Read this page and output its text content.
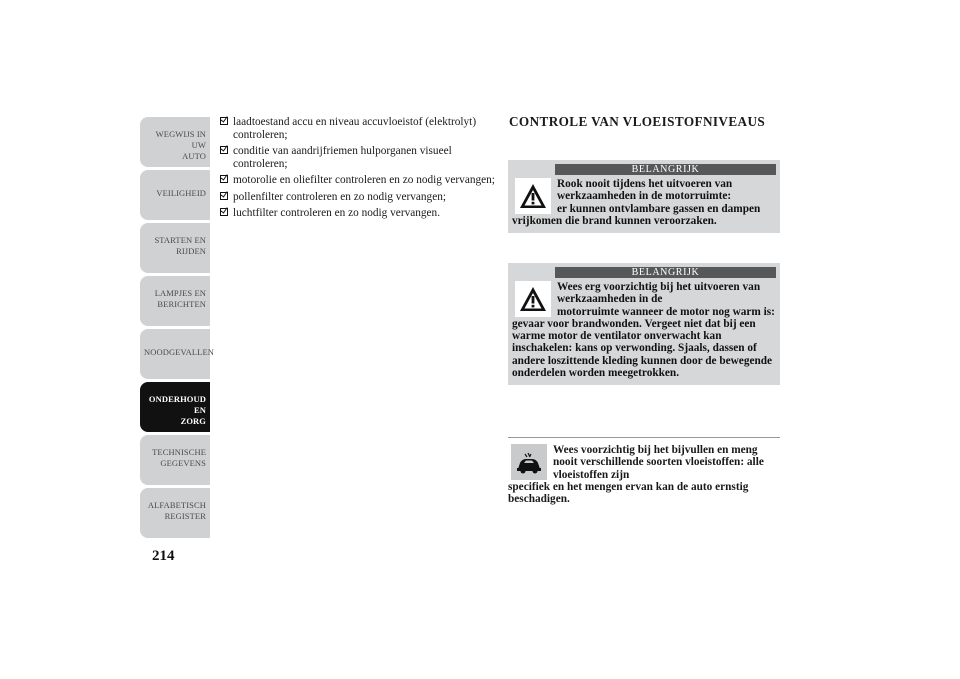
WEGWIJS IN UW
AUTO
VEILIGHEID
STARTEN EN
RIJDEN
LAMPJES EN
BERICHTEN
NOODGEVALLEN
ONDERHOUD EN
ZORG
TECHNISCHE
GEGEVENS
ALFABETISCH
REGISTER
214
laadtoestand accu en niveau accuvloeistof (elektrolyt) controleren;
conditie van aandrijfriemen hulporganen visueel controleren;
motorolie en oliefilter controleren en zo nodig vervangen;
pollenfilter controleren en zo nodig vervangen;
luchtfilter controleren en zo nodig vervangen.
CONTROLE VAN VLOEISTOFNIVEAUS
BELANGRIJK
Rook nooit tijdens het uitvoeren van werkzaamheden in de motorruimte:
er kunnen ontvlambare gassen en dampen vrijkomen die brand kunnen veroorzaken.
BELANGRIJK
Wees erg voorzichtig bij het uitvoeren van werkzaamheden in de
motorruimte wanneer de motor nog warm is: gevaar voor brandwonden. Vergeet niet dat bij een warme motor de ventilator onverwacht kan inschakelen: kans op verwonding. Sjaals, dassen of andere loszittende kleding kunnen door de bewegende onderdelen worden meegetrokken.
Wees voorzichtig bij het bijvullen en meng nooit verschillende soorten vloeistoffen: alle vloeistoffen zijn
specifiek en het mengen ervan kan de auto ernstig beschadigen.
